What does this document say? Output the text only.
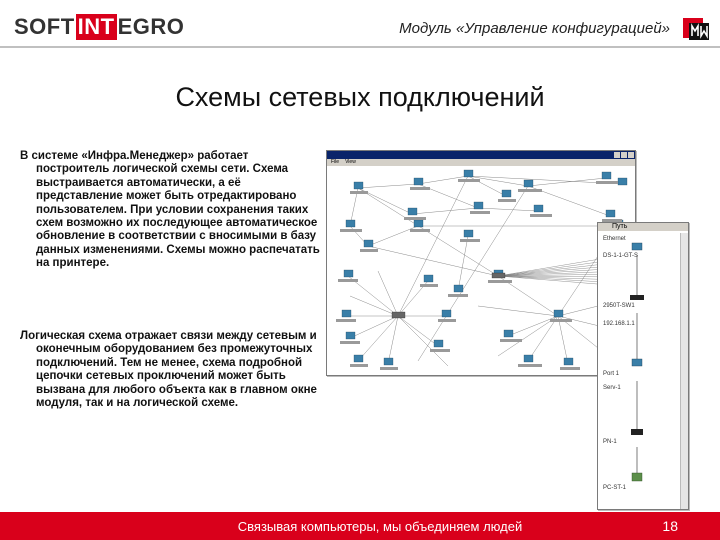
SOFT INT EGRO	Модуль «Управление конфигурацией»
Схемы сетевых подключений

В системе «Инфра.Менеджер» работает построитель логической схемы сети. Схема выстраивается автоматически, а её представление может быть отредактировано пользователем. При условии сохранения таких схем возможно их последующее автоматическое обновление в соответствии с вносимыми в базу данных изменениями. Схемы можно распечатать на принтере.

Логическая схема отражает связи между сетевым и оконечным оборудованием без промежуточных подключений. Тем не менее, схема подробной цепочки сетевых проключений может быть вызвана для любого объекта как в главном окне модуля, так и на логической схеме.

File View
Путь
Ethernet
DS-1-1-GT-S
2950T-SW1
192.168.1.1
Port 1
Serv-1
PN-1
PC-ST-1
Связывая компьютеры, мы объединяем людей	18
